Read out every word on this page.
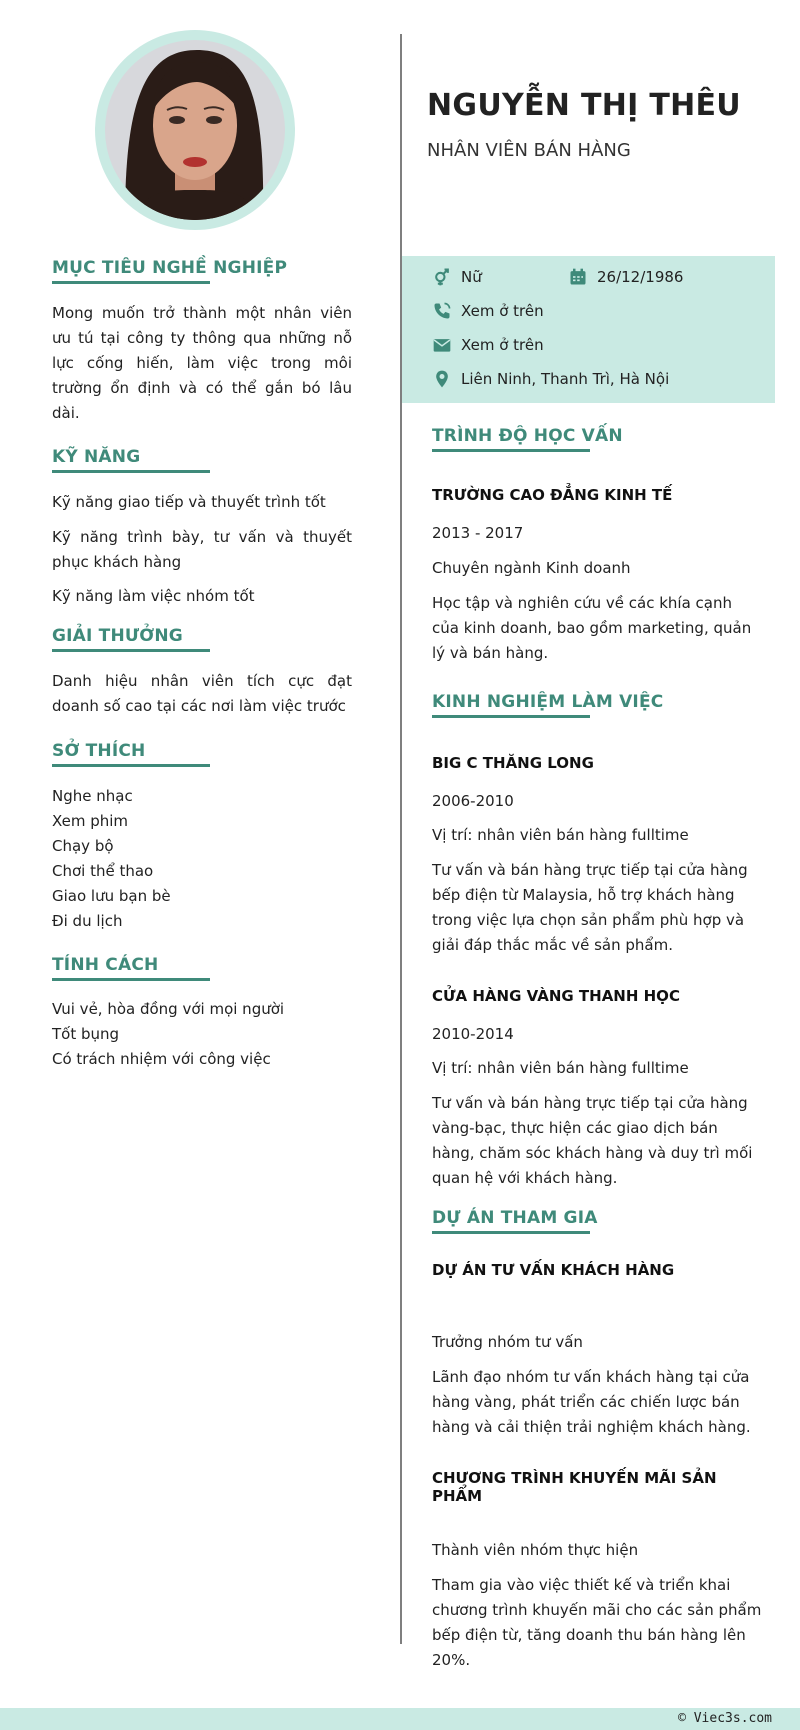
MỤC TIÊU NGHỀ NGHIỆP
Mong muốn trở thành một nhân viên ưu tú tại công ty thông qua những nỗ lực cống hiến, làm việc trong môi trường ổn định và có thể gắn bó lâu dài.
KỸ NĂNG
Kỹ năng giao tiếp và thuyết trình tốt
Kỹ năng trình bày, tư vấn và thuyết phục khách hàng
Kỹ năng làm việc nhóm tốt
GIẢI THƯỞNG
Danh hiệu nhân viên tích cực đạt doanh số cao tại các nơi làm việc trước
SỞ THÍCH
Nghe nhạc
Xem phim
Chạy bộ
Chơi thể thao
Giao lưu bạn bè
Đi du lịch
TÍNH CÁCH
Vui vẻ, hòa đồng với mọi người
Tốt bụng
Có trách nhiệm với công việc
NGUYỄN THỊ THÊU
NHÂN VIÊN BÁN HÀNG
Nữ	26/12/1986
Xem ở trên
Xem ở trên
Liên Ninh, Thanh Trì, Hà Nội
TRÌNH ĐỘ HỌC VẤN
TRƯỜNG CAO ĐẲNG KINH TẾ
2013 - 2017
Chuyên ngành Kinh doanh
Học tập và nghiên cứu về các khía cạnh của kinh doanh, bao gồm marketing, quản lý và bán hàng.
KINH NGHIỆM LÀM VIỆC
BIG C THĂNG LONG
2006-2010
Vị trí: nhân viên bán hàng fulltime
Tư vấn và bán hàng trực tiếp tại cửa hàng bếp điện từ Malaysia, hỗ trợ khách hàng trong việc lựa chọn sản phẩm phù hợp và giải đáp thắc mắc về sản phẩm.
CỬA HÀNG VÀNG THANH HỌC
2010-2014
Vị trí: nhân viên bán hàng fulltime
Tư vấn và bán hàng trực tiếp tại cửa hàng vàng-bạc, thực hiện các giao dịch bán hàng, chăm sóc khách hàng và duy trì mối quan hệ với khách hàng.
DỰ ÁN THAM GIA
DỰ ÁN TƯ VẤN KHÁCH HÀNG
Trưởng nhóm tư vấn
Lãnh đạo nhóm tư vấn khách hàng tại cửa hàng vàng, phát triển các chiến lược bán hàng và cải thiện trải nghiệm khách hàng.
CHƯƠNG TRÌNH KHUYẾN MÃI SẢN PHẨM
Thành viên nhóm thực hiện
Tham gia vào việc thiết kế và triển khai chương trình khuyến mãi cho các sản phẩm bếp điện từ, tăng doanh thu bán hàng lên 20%.
© Viec3s.com
